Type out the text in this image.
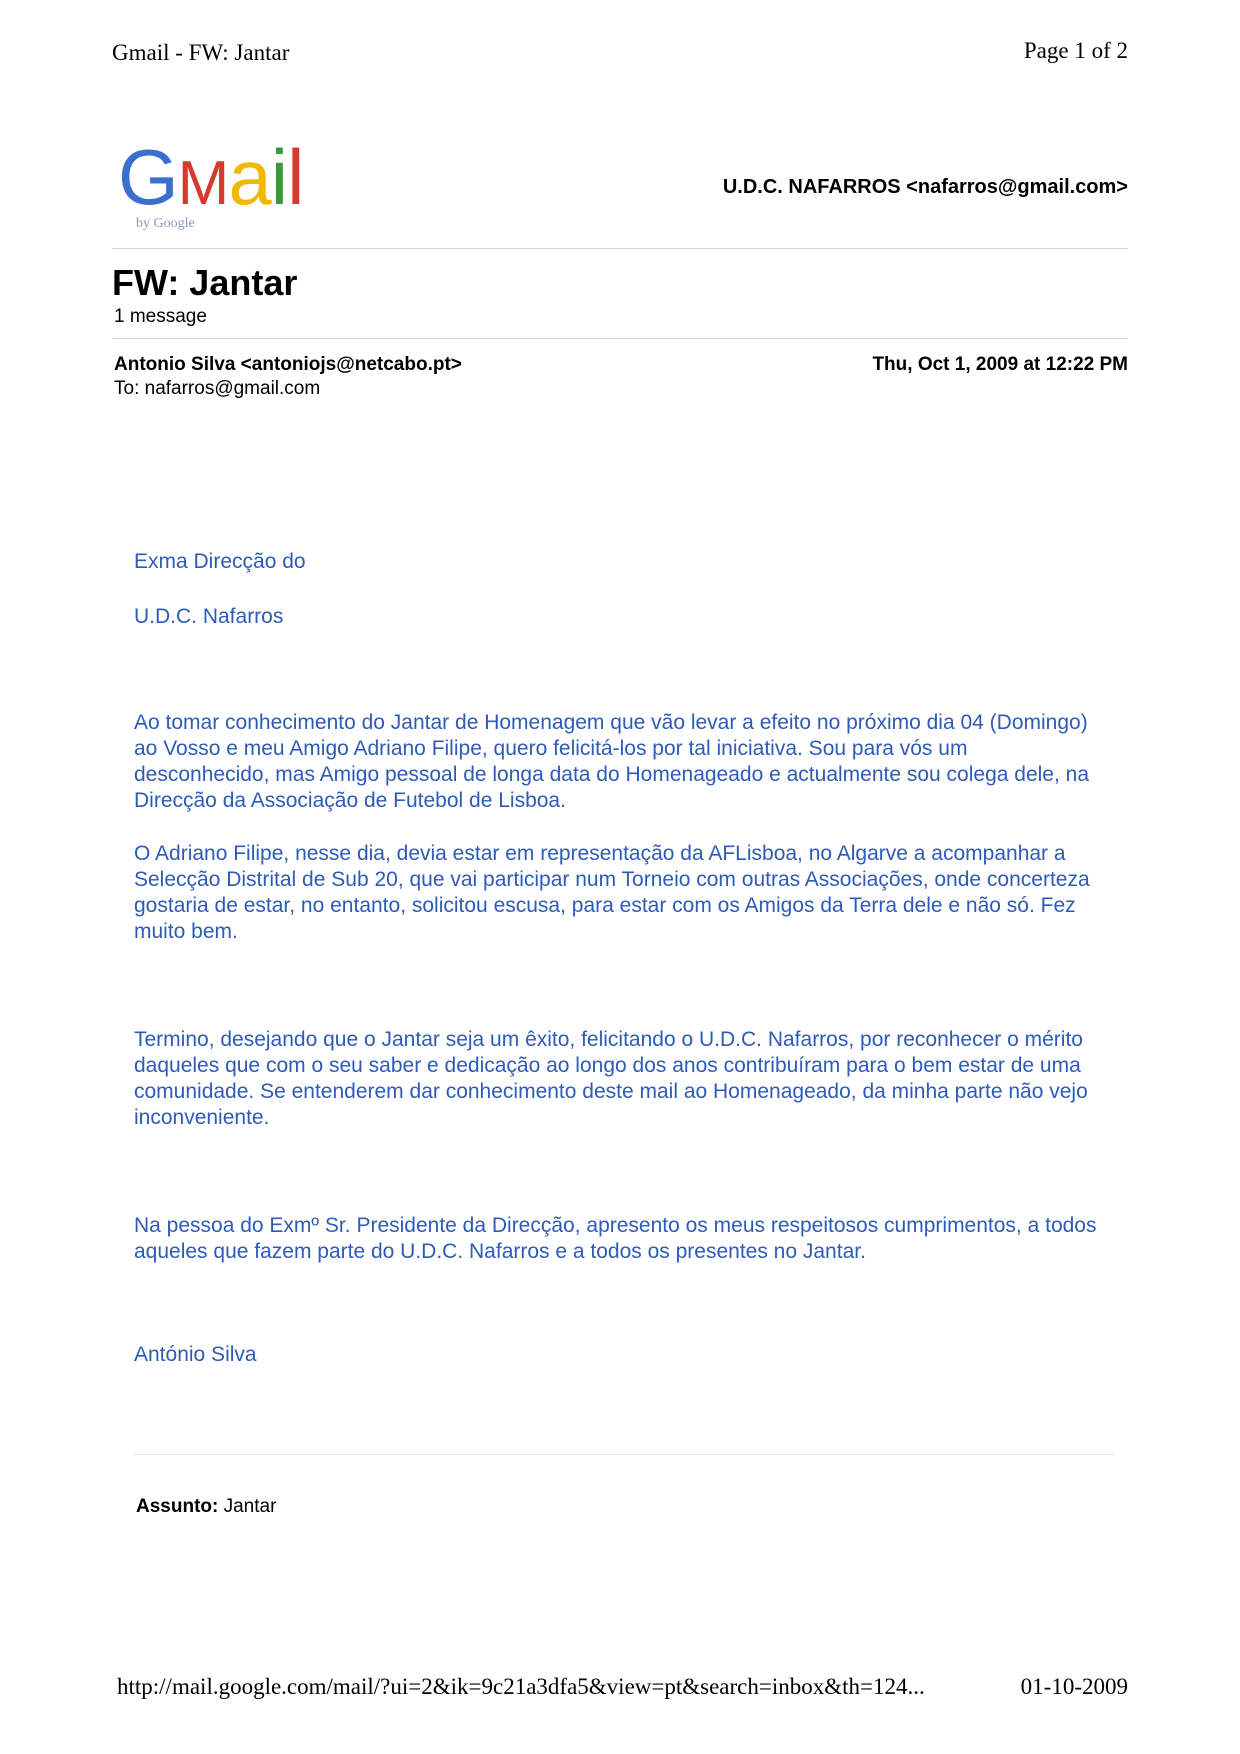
Gmail - FW: Jantar	Page 1 of 2
GMail
by Google
U.D.C. NAFARROS <nafarros@gmail.com>
FW: Jantar
1 message
Antonio Silva <antoniojs@netcabo.pt>
To: nafarros@gmail.com
Thu, Oct 1, 2009 at 12:22 PM
Exma Direcção do
U.D.C. Nafarros
Ao tomar conhecimento do Jantar de Homenagem que vão levar a efeito no próximo dia 04 (Domingo) ao Vosso e meu Amigo Adriano Filipe, quero felicitá-los por tal iniciativa. Sou para vós um desconhecido, mas Amigo pessoal de longa data do Homenageado e actualmente sou colega dele, na Direcção da Associação de Futebol de Lisboa.
O Adriano Filipe, nesse dia, devia estar em representação da AFLisboa, no Algarve a acompanhar a Selecção Distrital de Sub 20, que vai participar num Torneio com outras Associações, onde concerteza gostaria de estar, no entanto, solicitou escusa, para estar com os Amigos da Terra dele e não só. Fez muito bem.
Termino, desejando que o Jantar seja um êxito, felicitando o U.D.C. Nafarros, por reconhecer o mérito daqueles que com o seu saber e dedicação ao longo dos anos contribuíram para o bem estar de uma comunidade. Se entenderem dar conhecimento deste mail ao Homenageado, da minha parte não vejo inconveniente.
Na pessoa do Exmº Sr. Presidente da Direcção, apresento os meus respeitosos cumprimentos, a todos aqueles que fazem parte do U.D.C. Nafarros e a todos os presentes no Jantar.
António Silva
Assunto: Jantar
http://mail.google.com/mail/?ui=2&ik=9c21a3dfa5&view=pt&search=inbox&th=124...	01-10-2009
